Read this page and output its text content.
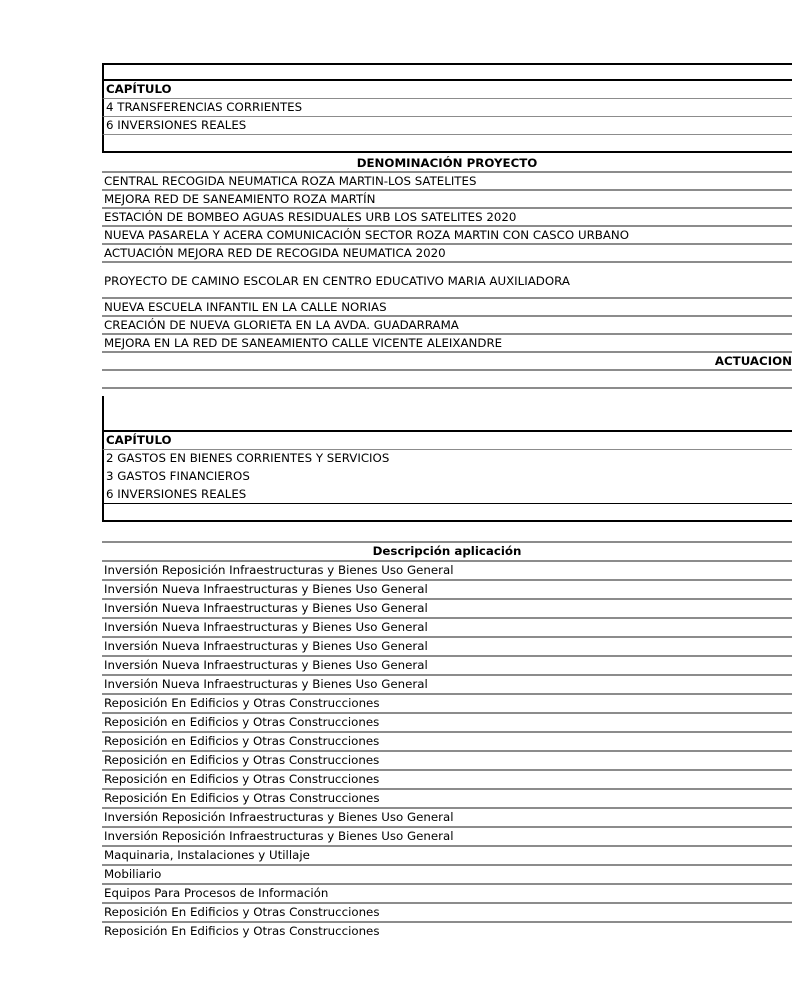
CAPÍTULO
4 TRANSFERENCIAS CORRIENTES
6 INVERSIONES REALES
DENOMINACIÓN PROYECTO
CENTRAL RECOGIDA NEUMATICA ROZA MARTIN-LOS SATELITES
MEJORA RED DE SANEAMIENTO ROZA MARTÍN
ESTACIÓN DE BOMBEO AGUAS RESIDUALES URB LOS SATELITES 2020
NUEVA PASARELA Y ACERA COMUNICACIÓN SECTOR ROZA MARTIN CON CASCO URBANO
ACTUACIÓN MEJORA RED DE RECOGIDA NEUMATICA 2020
PROYECTO DE CAMINO ESCOLAR EN CENTRO EDUCATIVO MARIA AUXILIADORA
NUEVA ESCUELA INFANTIL EN LA CALLE NORIAS
CREACIÓN DE NUEVA GLORIETA EN LA AVDA. GUADARRAMA
MEJORA EN LA RED DE SANEAMIENTO CALLE VICENTE ALEIXANDRE
ACTUACION
CAPÍTULO
2 GASTOS EN BIENES CORRIENTES Y SERVICIOS
3 GASTOS FINANCIEROS
6 INVERSIONES REALES
Descripción aplicación
Inversión Reposición Infraestructuras y Bienes Uso General
Inversión Nueva Infraestructuras y Bienes Uso General
Inversión Nueva Infraestructuras y Bienes Uso General
Inversión Nueva Infraestructuras y Bienes Uso General
Inversión Nueva Infraestructuras y Bienes Uso General
Inversión Nueva Infraestructuras y Bienes Uso General
Inversión Nueva Infraestructuras y Bienes Uso General
Reposición En Edificios y Otras Construcciones
Reposición en Edificios y Otras Construcciones
Reposición en Edificios y Otras Construcciones
Reposición en Edificios y Otras Construcciones
Reposición en Edificios y Otras Construcciones
Reposición En Edificios y Otras Construcciones
Inversión Reposición Infraestructuras y Bienes Uso General
Inversión Reposición Infraestructuras y Bienes Uso General
Maquinaria, Instalaciones y Utillaje
Mobiliario
Equipos Para Procesos de Información
Reposición En Edificios y Otras Construcciones
Reposición En Edificios y Otras Construcciones
